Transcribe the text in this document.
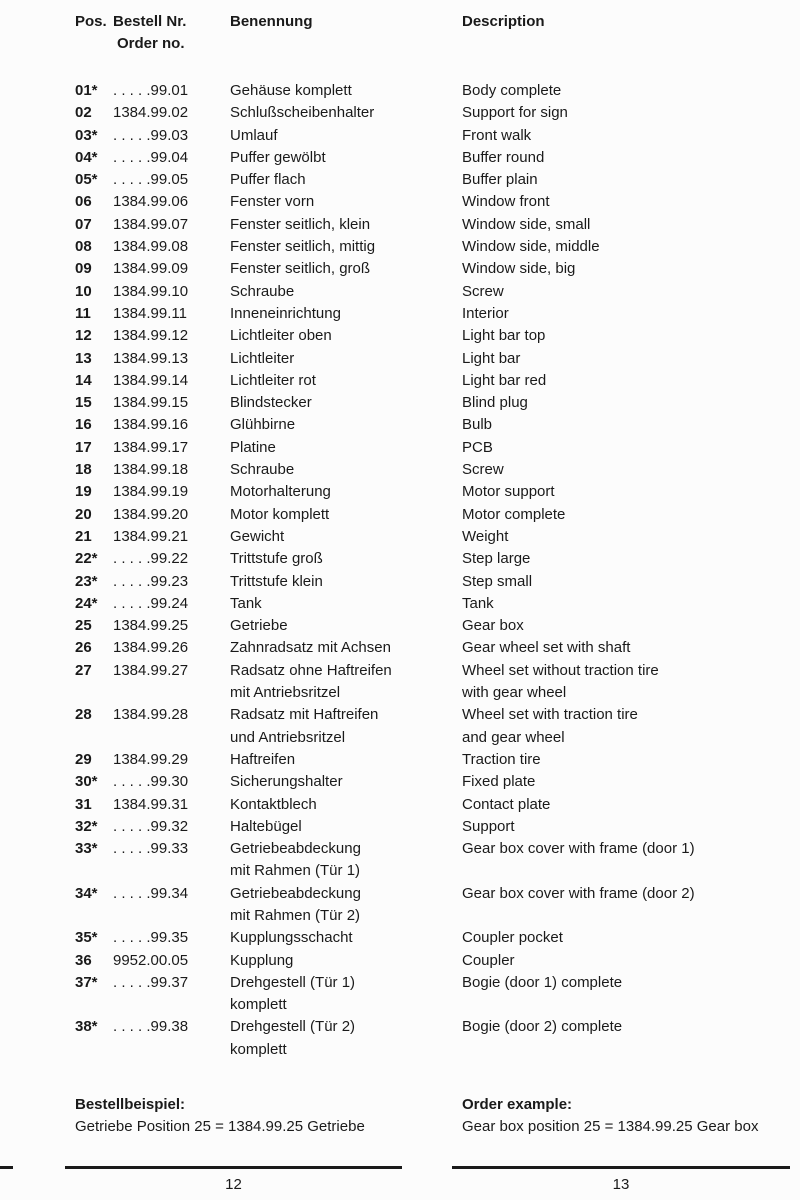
Pos. Bestell Nr.	Benennung	Description
Order no.
01* . . . . .99.01	Gehäuse komplett	Body complete
02 1384.99.02	Schlußscheibenhalter	Support for sign
03* . . . . .99.03	Umlauf	Front walk
04* . . . . .99.04	Puffer gewölbt	Buffer round
05* . . . . .99.05	Puffer flach	Buffer plain
06 1384.99.06	Fenster vorn	Window front
07 1384.99.07	Fenster seitlich, klein	Window side, small
08 1384.99.08	Fenster seitlich, mittig	Window side, middle
09 1384.99.09	Fenster seitlich, groß	Window side, big
10 1384.99.10	Schraube	Screw
11 1384.99.11	Inneneinrichtung	Interior
12 1384.99.12	Lichtleiter oben	Light bar top
13 1384.99.13	Lichtleiter	Light bar
14 1384.99.14	Lichtleiter rot	Light bar red
15 1384.99.15	Blindstecker	Blind plug
16 1384.99.16	Glühbirne	Bulb
17 1384.99.17	Platine	PCB
18 1384.99.18	Schraube	Screw
19 1384.99.19	Motorhalterung	Motor support
20 1384.99.20	Motor komplett	Motor complete
21 1384.99.21	Gewicht	Weight
22* . . . . .99.22	Trittstufe groß	Step large
23* . . . . .99.23	Trittstufe klein	Step small
24* . . . . .99.24	Tank	Tank
25 1384.99.25	Getriebe	Gear box
26 1384.99.26	Zahnradsatz mit Achsen	Gear wheel set with shaft
27 1384.99.27	Radsatz ohne Haftreifen	Wheel set without traction tire
mit Antriebsritzel	with gear wheel
28 1384.99.28	Radsatz mit Haftreifen	Wheel set with traction tire
und Antriebsritzel	and gear wheel
29 1384.99.29	Haftreifen	Traction tire
30* . . . . .99.30	Sicherungshalter	Fixed plate
31 1384.99.31	Kontaktblech	Contact plate
32* . . . . .99.32	Haltebügel	Support
33* . . . . .99.33	Getriebeabdeckung	Gear box cover with frame (door 1)
mit Rahmen (Tür 1)
34* . . . . .99.34	Getriebeabdeckung	Gear box cover with frame (door 2)
mit Rahmen (Tür 2)
35* . . . . .99.35	Kupplungsschacht	Coupler pocket
36 9952.00.05	Kupplung	Coupler
37* . . . . .99.37	Drehgestell (Tür 1)	Bogie (door 1) complete
komplett
38* . . . . .99.38	Drehgestell (Tür 2)	Bogie (door 2) complete
komplett
Bestellbeispiel:	Order example:
Getriebe Position 25 = 1384.99.25 Getriebe	Gear box position 25 = 1384.99.25 Gear box
12	13
